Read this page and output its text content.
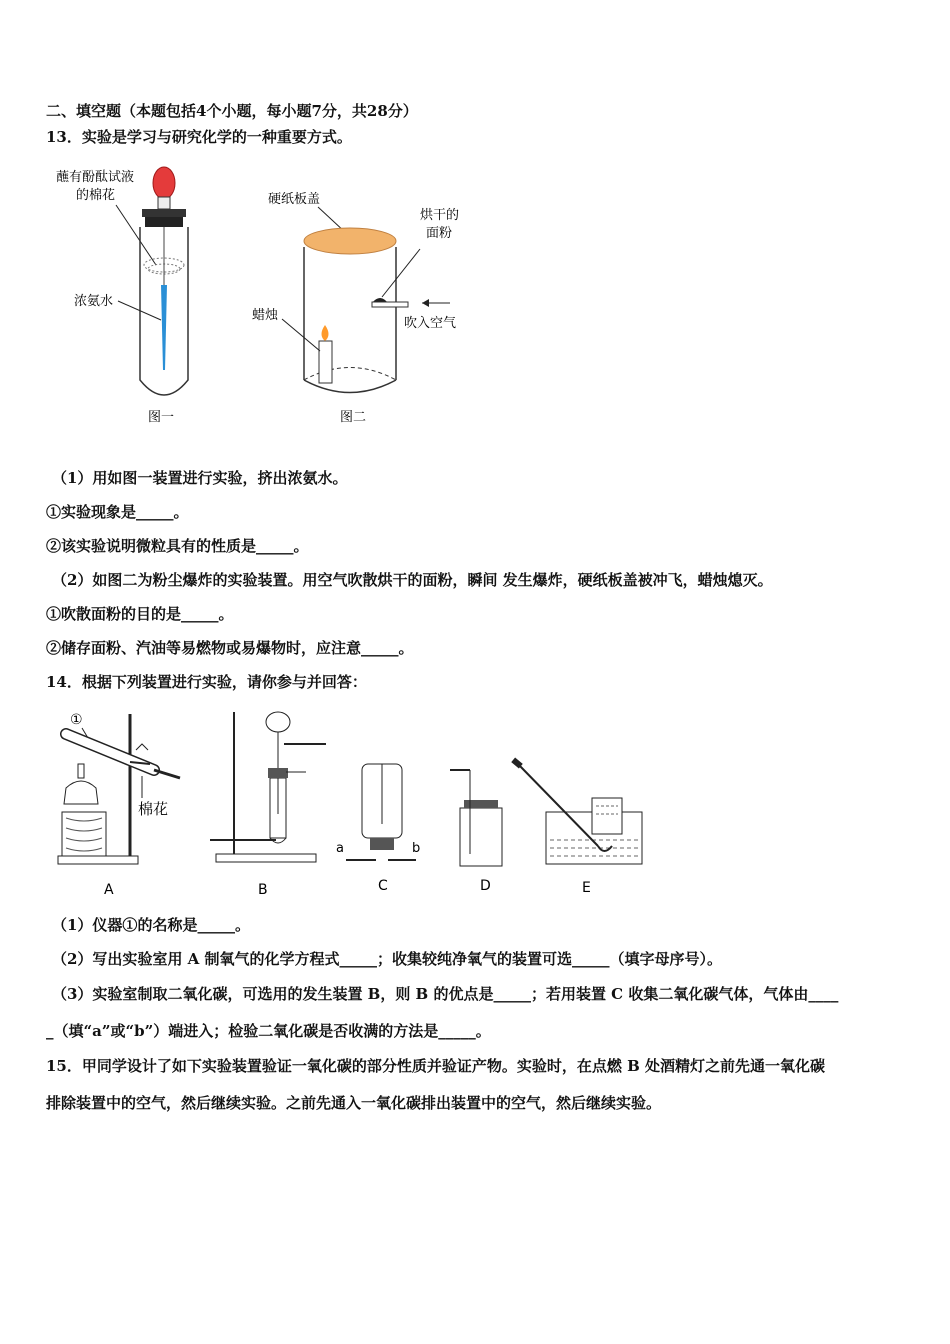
二、填空题（本题包括4个小题，每小题7分，共28分）
13．实验是学习与研究化学的一种重要方式。
蘸有酚酞试液
的棉花
浓氨水
图一
硬纸板盖
蜡烛
烘干的
面粉
吹入空气
图二
（1）用如图一装置进行实验，挤出浓氨水。
①实验现象是_____。
②该实验说明微粒具有的性质是_____。
（2）如图二为粉尘爆炸的实验装置。用空气吹散烘干的面粉，瞬间 发生爆炸，硬纸板盖被冲飞，蜡烛熄灭。
①吹散面粉的目的是_____。
②储存面粉、汽油等易燃物或易爆物时，应注意_____。
14．根据下列装置进行实验，请你参与并回答：
①
棉花
A	B
a	b
C	D	E
（1）仪器①的名称是_____。
（2）写出实验室用 A 制氧气的化学方程式_____；收集较纯净氧气的装置可选_____（填字母序号）。
（3）实验室制取二氧化碳，可选用的发生装置 B，则 B 的优点是_____；若用装置 C 收集二氧化碳气体，气体由____
_（填“a”或“b”）端进入；检验二氧化碳是否收满的方法是_____。
15．甲同学设计了如下实验装置验证一氧化碳的部分性质并验证产物。实验时，在点燃 B 处酒精灯之前先通一氧化碳
排除装置中的空气，然后继续实验。之前先通入一氧化碳排出装置中的空气，然后继续实验。
